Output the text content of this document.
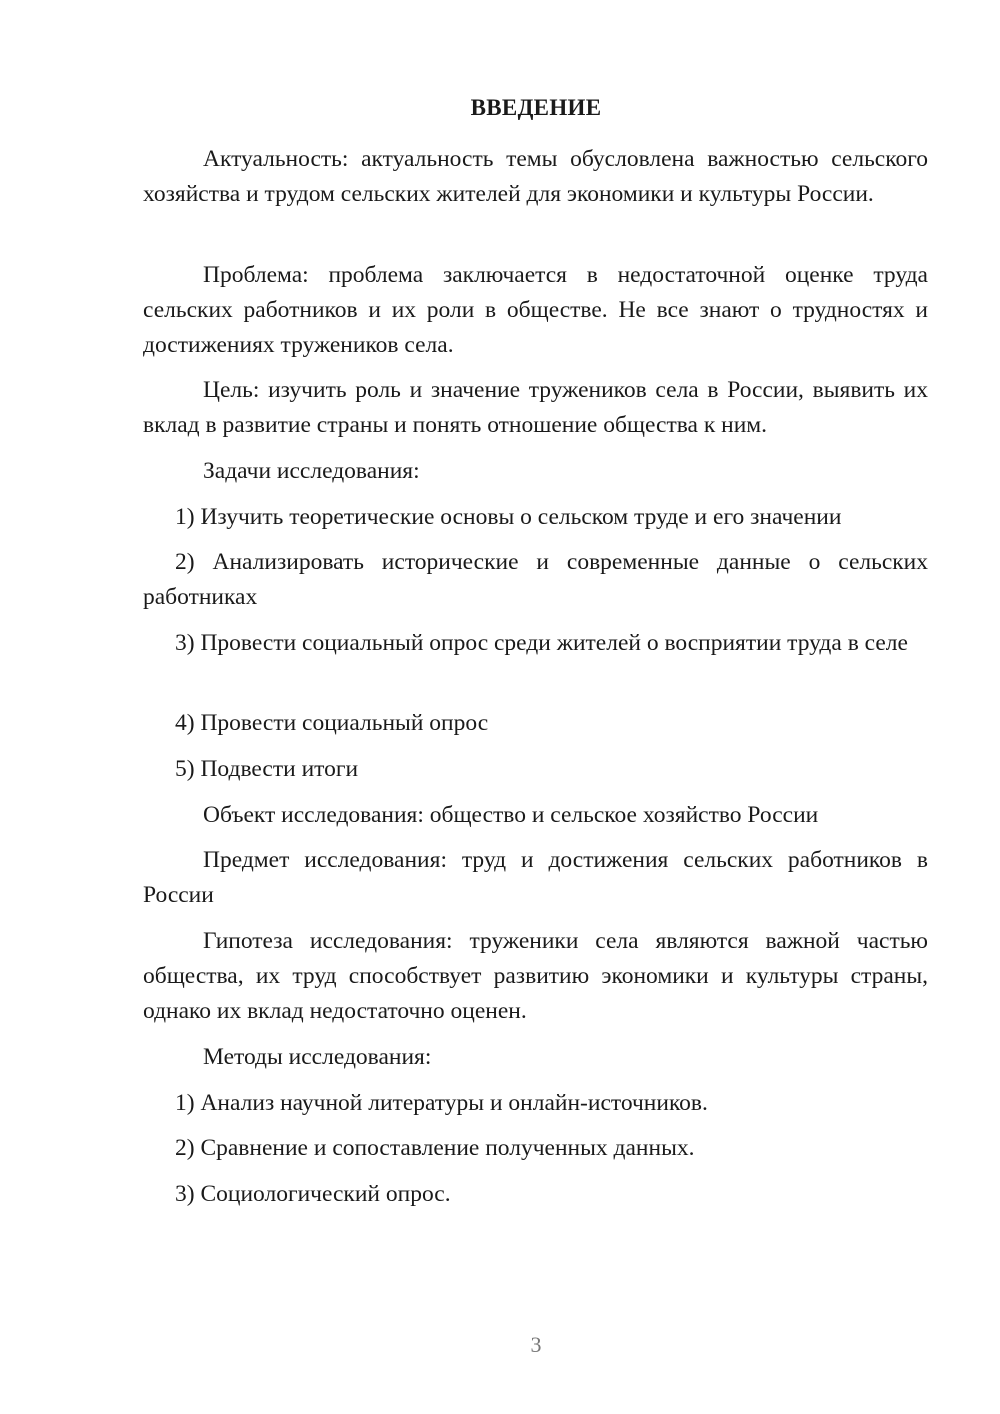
ВВЕДЕНИЕ

Актуальность: актуальность темы обусловлена важностью сельского хозяйства и трудом сельских жителей для экономики и культуры России.

Проблема: проблема заключается в недостаточной оценке труда сельских работников и их роли в обществе. Не все знают о трудностях и достижениях тружеников села.

Цель: изучить роль и значение тружеников села в России, выявить их вклад в развитие страны и понять отношение общества к ним.

Задачи исследования:

1) Изучить теоретические основы о сельском труде и его значении

2) Анализировать исторические и современные данные о сельских работниках

3) Провести социальный опрос среди жителей о восприятии труда в селе

4) Провести социальный опрос

5) Подвести итоги

Объект исследования: общество и сельское хозяйство России

Предмет исследования: труд и достижения сельских работников в России

Гипотеза исследования: труженики села являются важной частью общества, их труд способствует развитию экономики и культуры страны, однако их вклад недостаточно оценен.

Методы исследования:

1) Анализ научной литературы и онлайн-источников.

2) Сравнение и сопоставление полученных данных.

3) Социологический опрос.

3
